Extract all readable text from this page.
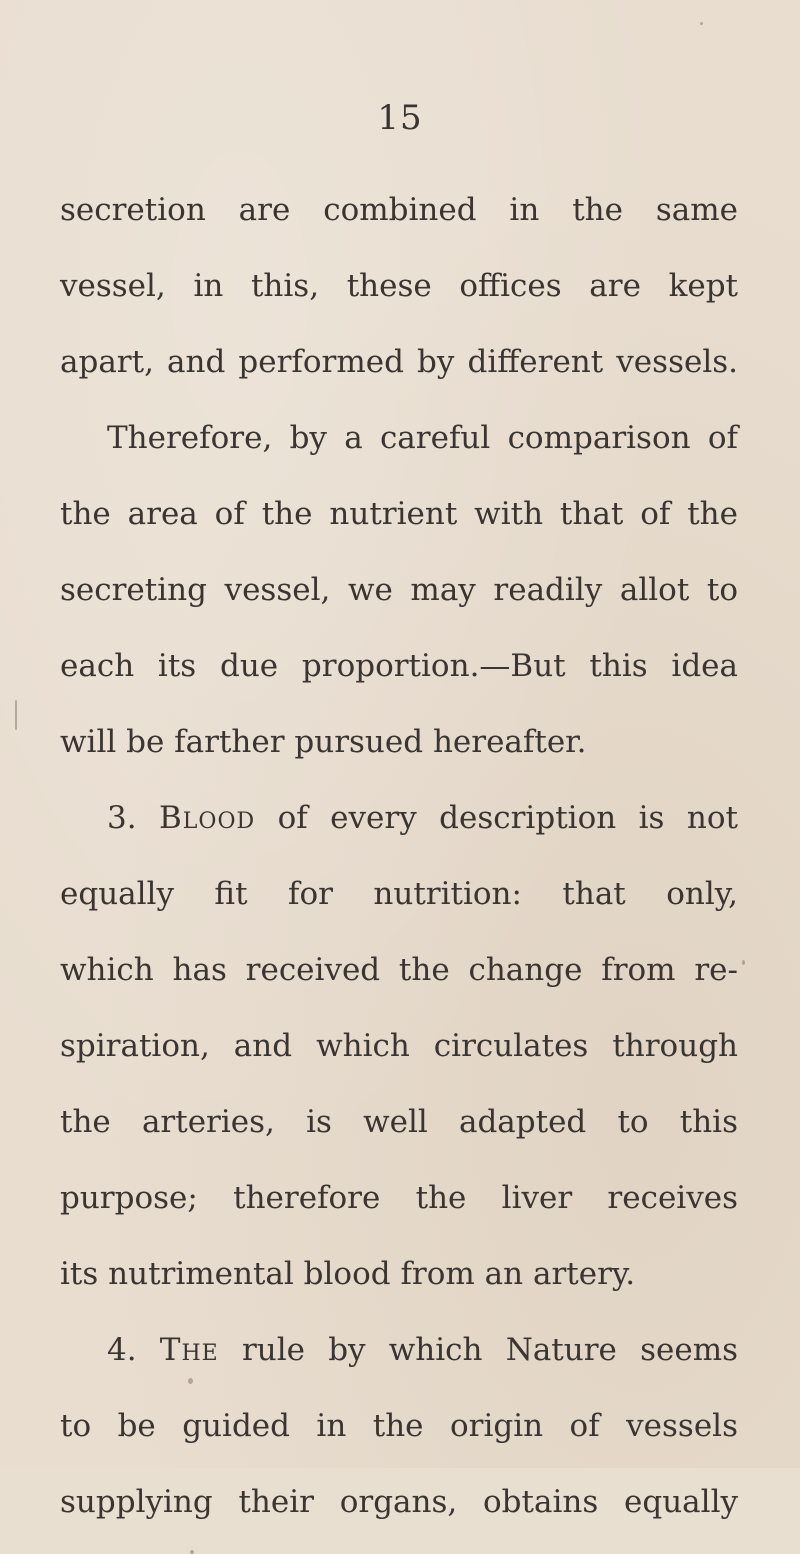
15
secretion are combined in the same
vessel, in this, these offices are kept
apart, and performed by different vessels.
Therefore, by a careful comparison of
the area of the nutrient with that of the
secreting vessel, we may readily allot to
each its due proportion.—But this idea
will be farther pursued hereafter.
3. Blood of every description is not
equally fit for nutrition: that only,
which has received the change from re-
spiration, and which circulates through
the arteries, is well adapted to this
purpose; therefore the liver receives
its nutrimental blood from an artery.
4. The rule by which Nature seems
to be guided in the origin of vessels
supplying their organs, obtains equally
